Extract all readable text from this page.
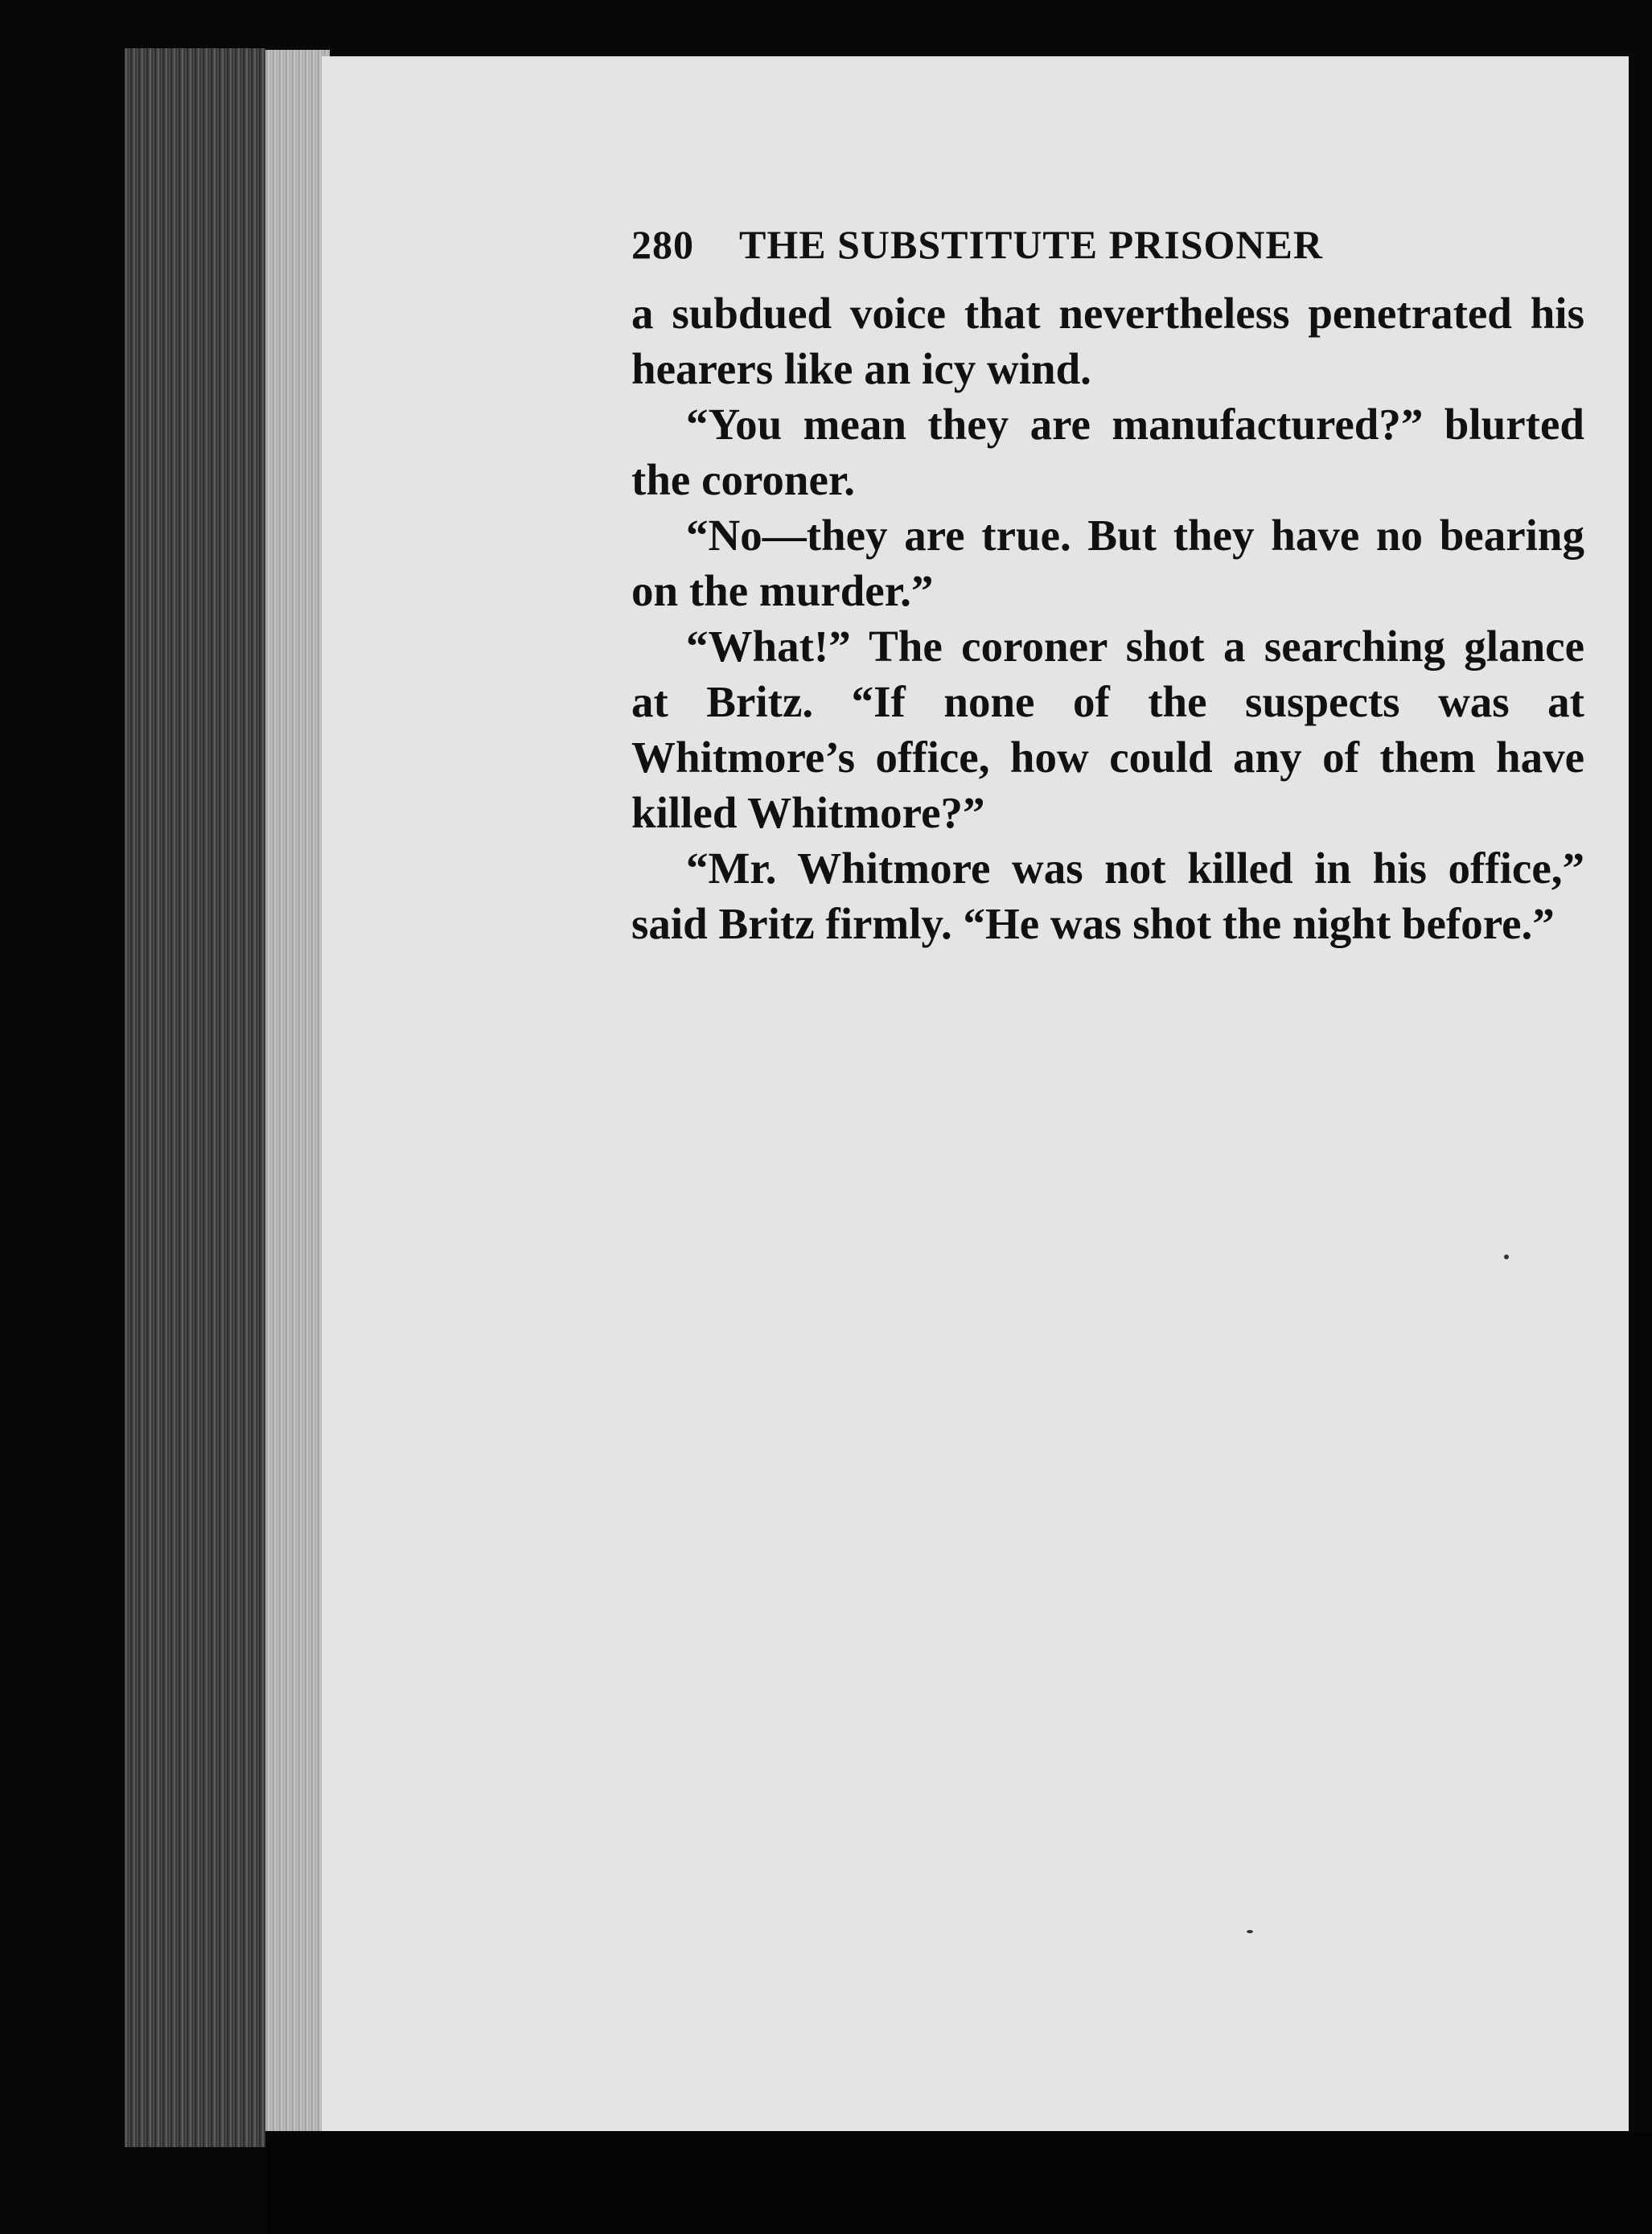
280 THE SUBSTITUTE PRISONER

a subdued voice that nevertheless penetrated his hearers like an icy wind.

“You mean they are manufactured?” blurted the coroner.

“No—they are true. But they have no bearing on the murder.”

“What!” The coroner shot a searching glance at Britz. “If none of the suspects was at Whitmore’s office, how could any of them have killed Whitmore?”

“Mr. Whitmore was not killed in his office,” said Britz firmly. “He was shot the night before.”
